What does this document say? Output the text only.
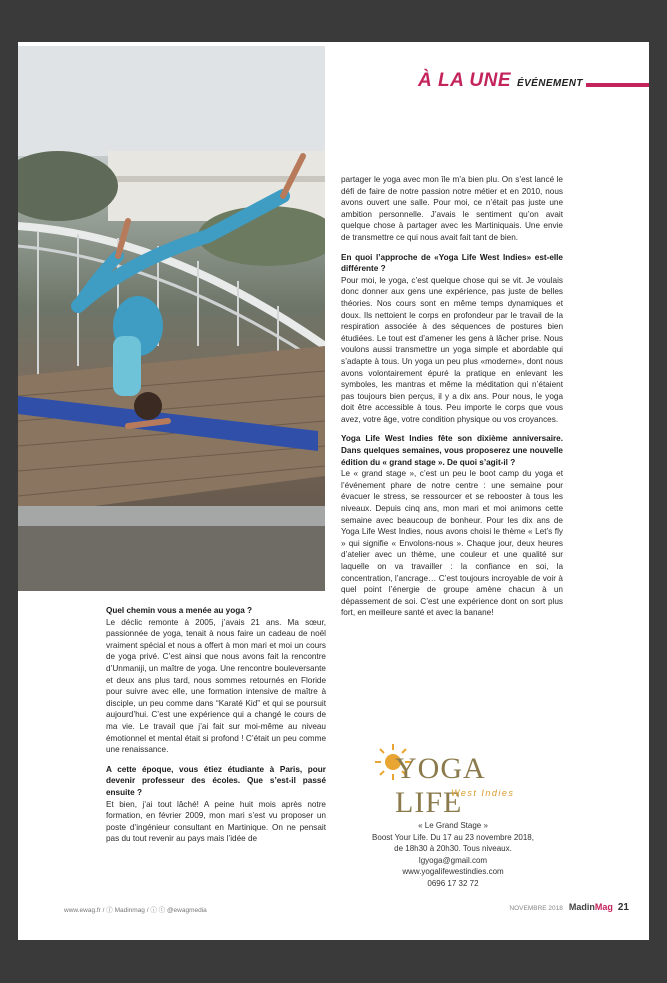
À LA UNE ÉVÉNEMENT

Quel chemin vous a menée au yoga ?

Le déclic remonte à 2005, j’avais 21 ans. Ma sœur, passionnée de yoga, tenait à nous faire un cadeau de noël vraiment spécial et nous a offert à mon mari et moi un cours de yoga privé. C’est ainsi que nous avons fait la rencontre d’Unmaniji, un maître de yoga. Une rencontre bouleversante et deux ans plus tard, nous sommes retournés en Floride pour suivre avec elle, une formation intensive de maître à disciple, un peu comme dans “Karaté Kid” et qui se poursuit aujourd’hui. C’est une expérience qui a changé le cours de ma vie. Le travail que j’ai fait sur moi-même au niveau émotionnel et mental était si profond ! C’était un peu comme une renaissance.

A cette époque, vous étiez étudiante à Paris, pour devenir professeur des écoles. Que s’est-il passé ensuite ?

Et bien, j’ai tout lâché! A peine huit mois après notre formation, en février 2009, mon mari s’est vu proposer un poste d’ingénieur consultant en Martinique. On ne pensait pas du tout revenir au pays mais l’idée de

partager le yoga avec mon île m’a bien plu. On s’est lancé le défi de faire de notre passion notre métier et en 2010, nous avons ouvert une salle. Pour moi, ce n’était pas juste une ambition personnelle. J’avais le sentiment qu’on avait quelque chose à partager avec les Martiniquais. Une envie de transmettre ce qui nous avait fait tant de bien.

En quoi l’approche de «Yoga Life West Indies» est-elle différente ?

Pour moi, le yoga, c’est quelque chose qui se vit. Je voulais donc donner aux gens une expérience, pas juste de belles théories. Nos cours sont en même temps dynamiques et doux. Ils nettoient le corps en profondeur par le travail de la respiration associée à des séquences de postures bien étudiées. Le tout est d’amener les gens à lâcher prise. Nous voulons aussi transmettre un yoga simple et abordable qui s’adapte à tous. Un yoga un peu plus «moderne», dont nous avons volontairement épuré la pratique en enlevant les symboles, les mantras et même la méditation qui n’étaient pas toujours bien perçus, il y a dix ans. Pour nous, le yoga doit être accessible à tous. Peu importe le corps que vous avez, votre âge, votre condition physique ou vos croyances.

Yoga Life West Indies fête son dixième anniversaire. Dans quelques semaines, vous proposerez une nouvelle édition du « grand stage ». De quoi s’agit-il ?

Le « grand stage », c’est un peu le boot camp du yoga et l’événement phare de notre centre : une semaine pour évacuer le stress, se ressourcer et se rebooster à tous les niveaux. Depuis cinq ans, mon mari et moi animons cette semaine avec beaucoup de bonheur. Pour les dix ans de Yoga Life West Indies, nous avons choisi le thème « Let’s fly » qui signifie « Envolons-nous ». Chaque jour, deux heures d’atelier avec un thème, une couleur et une qualité sur laquelle on va travailler : la confiance en soi, la concentration, l’ancrage… C’est toujours incroyable de voir à quel point l’énergie de groupe amène chacun à un dépassement de soi. C’est une expérience dont on sort plus fort, en meilleure santé et avec la banane!

YOGA LIFE
West Indies
« Le Grand Stage »
Boost Your Life. Du 17 au 23 novembre 2018,
de 18h30 à 20h30. Tous niveaux.
lgyoga@gmail.com
www.yogalifewestindies.com
0696 17 32 72
www.ewag.fr / ⓕ Madinmag / ⓘ ⓣ @ewagmedia	NOVEMBRE 2018 MadinMag 21
